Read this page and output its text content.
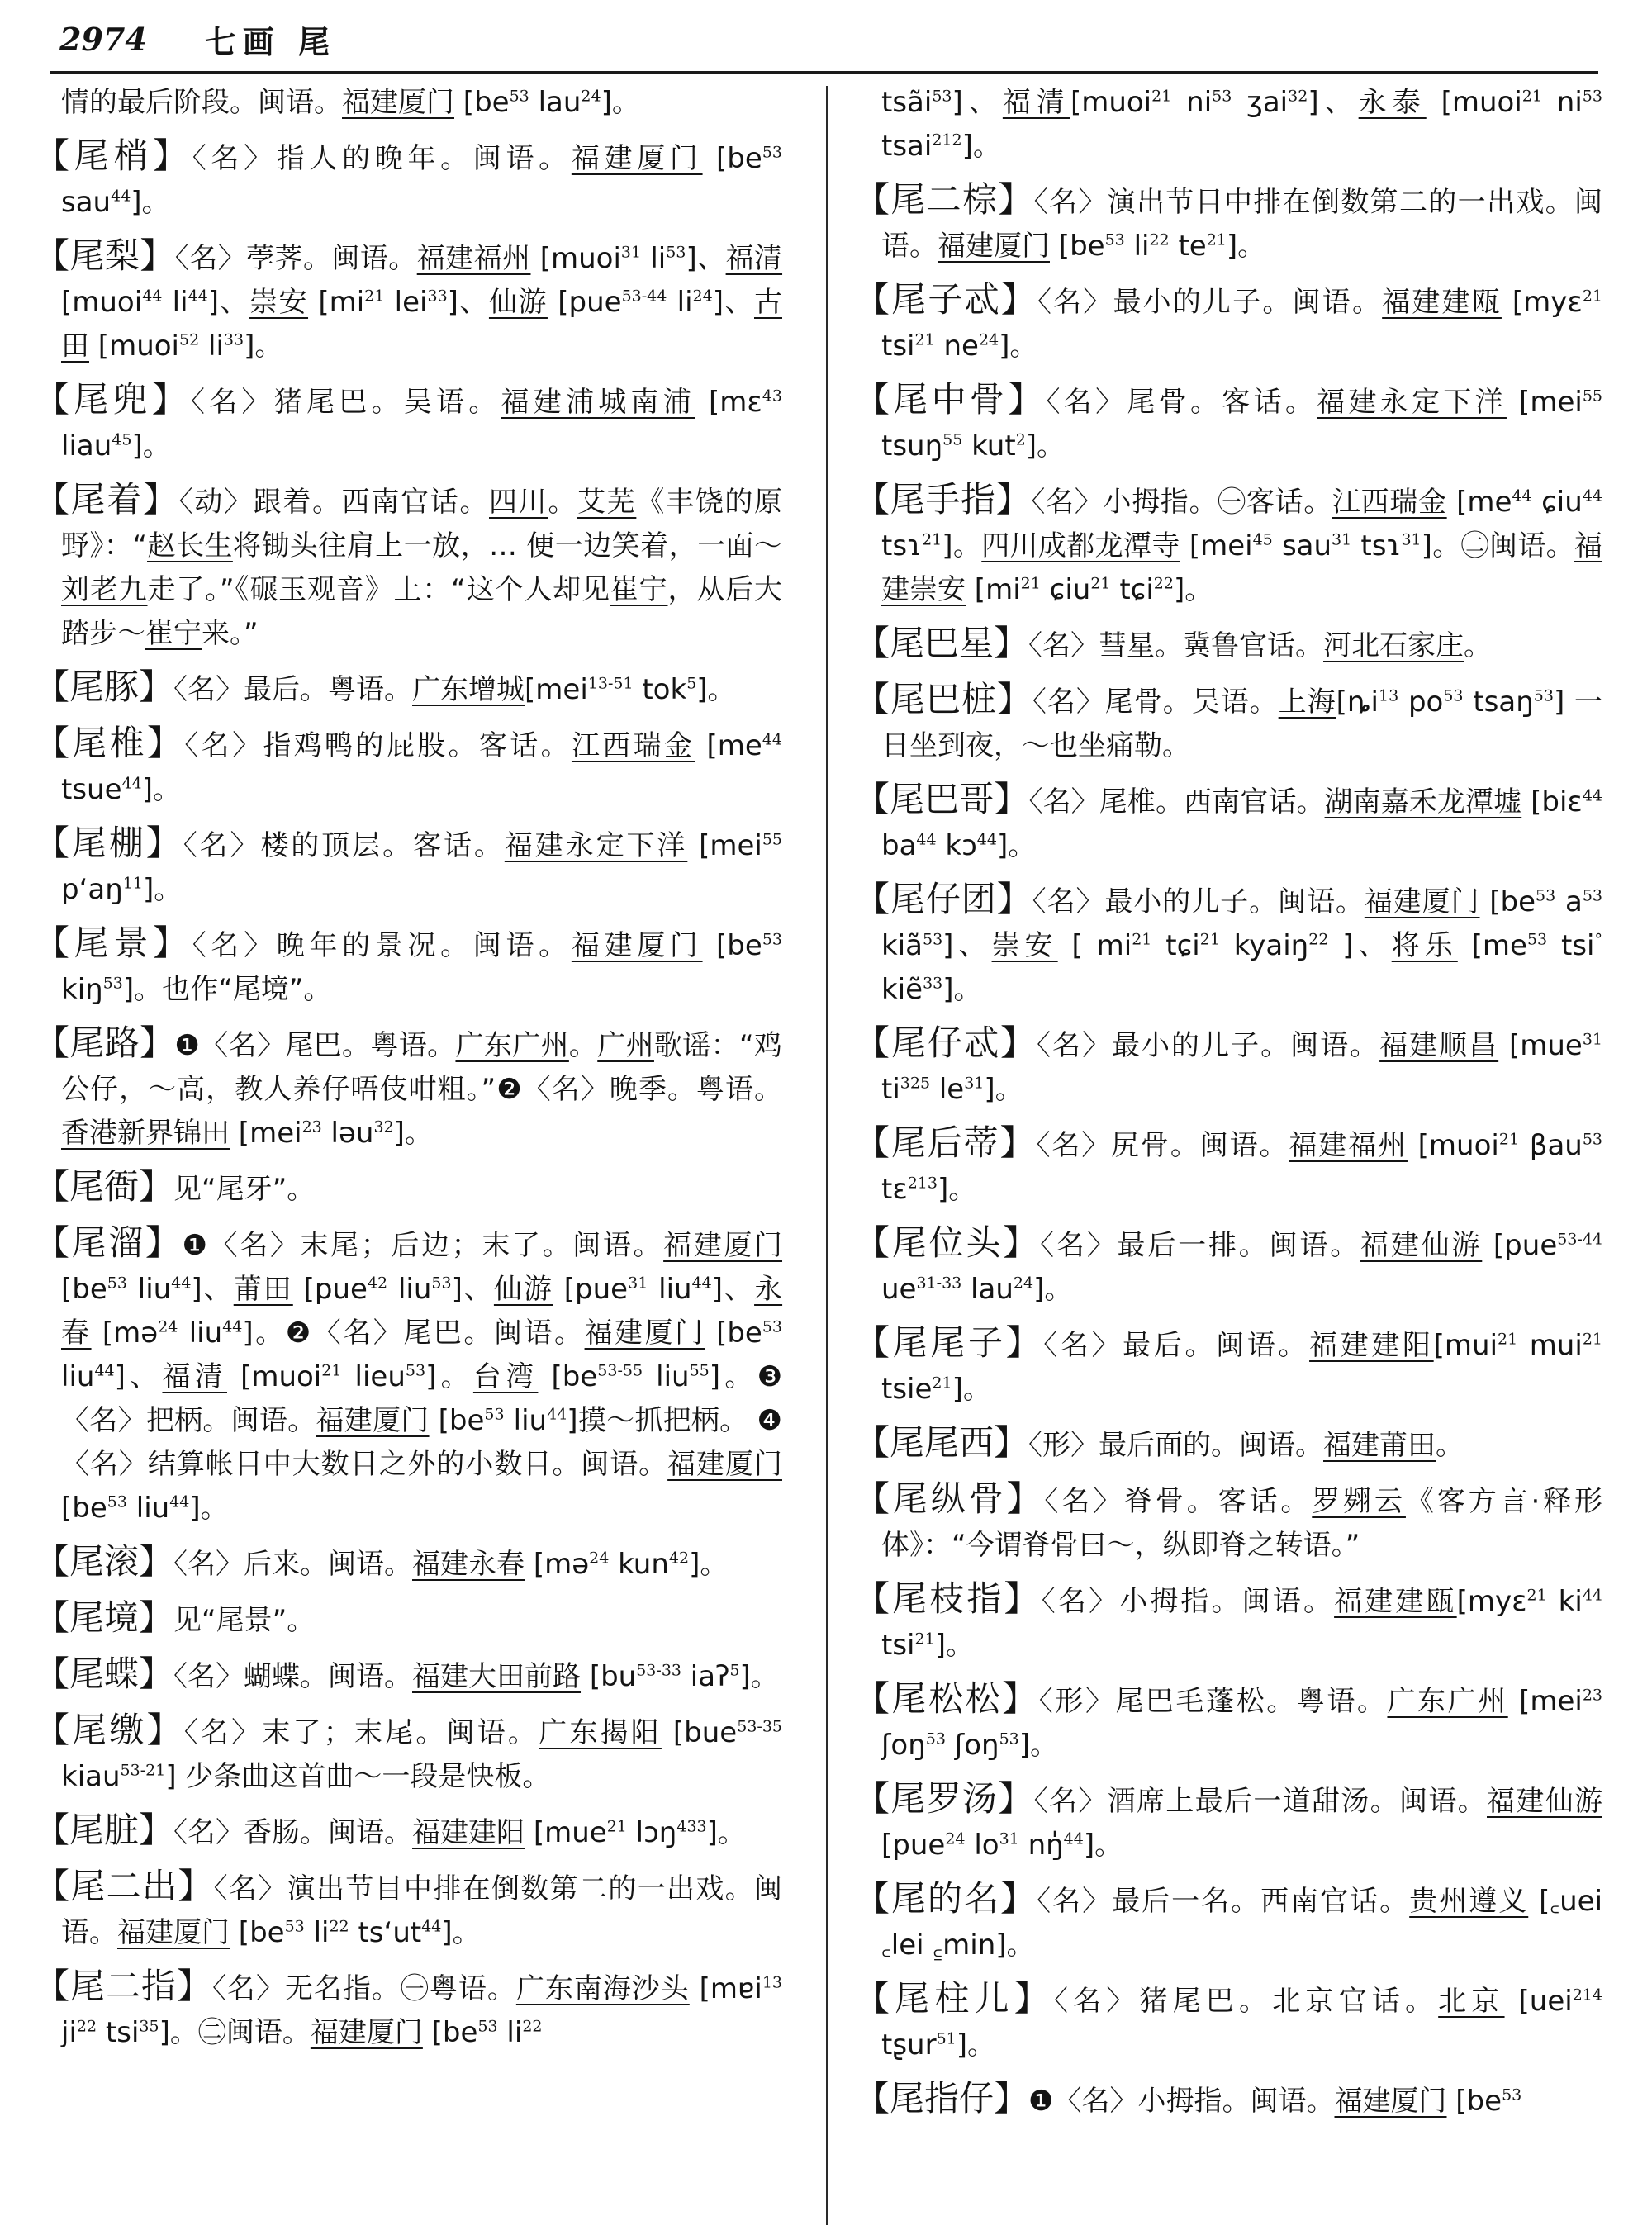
2974 七画 尾

情的最后阶段。闽语。福建厦门 [$be^{53}$ lau$^{24}$]。

【尾梢】〈名〉指人的晚年。闽语。福建厦门 [$be^{53}$ sau$^{44}$]。

【尾梨】〈名〉荸荠。闽语。福建福州 [muoi$^{31}$ $li^{53}$]、福清 [muoi$^{44}$ $li^{44}$]、崇安 [$mi^{21}$ lei$^{33}$]、仙游 [pue$^{53-44}$ $li^{24}$]、古田 [muoi$^{52}$ $li^{33}$]。

【尾兜】〈名〉猪尾巴。吴语。福建浦城南浦 [mɛ$^{43}$ liau$^{45}$]。

【尾着】〈动〉跟着。西南官话。四川。艾芜《丰饶的原野》：“赵长生将锄头往肩上一放，… 便一边笑着，一面～刘老九走了。”《碾玉观音》上：“这个人却见崔宁，从后大踏步～崔宁来。”

【尾豚】〈名〉最后。粤语。广东增城[mei$^{13-51}$ tok$^5$]。

【尾椎】〈名〉指鸡鸭的屁股。客话。江西瑞金 [$me^{44}$ tsue$^{44}$]。

【尾棚】〈名〉楼的顶层。客话。福建永定下洋 [mei$^{55}$ $p‘aŋ^{11}$]。

【尾景】〈名〉晚年的景况。闽语。福建厦门 [$be^{53}$ kiŋ$^{53}$]。也作“尾境”。

【尾路】❶〈名〉尾巴。粤语。广东广州。广州歌谣：“鸡公仔，～高，教人养仔唔伎咁粗。”❷〈名〉晚季。粤语。香港新界锦田 [mei$^{23}$ ləu$^{32}$]。

【尾衙】见“尾牙”。

【尾溜】❶〈名〉末尾；后边；末了。闽语。福建厦门 [$be^{53}$ liu$^{44}$]、莆田 [pue$^{42}$ liu$^{53}$]、仙游 [pue$^{31}$ liu$^{44}$]、永春 [mə$^{24}$ liu$^{44}$]。❷〈名〉尾巴。闽语。福建厦门 [$be^{53}$ liu$^{44}$]、福清 [muoi$^{21}$ lieu$^{53}$]。台湾 [$be^{53-55}$ liu$^{55}$]。❸〈名〉把柄。闽语。福建厦门 [$be^{53}$ liu$^{44}$]摸～抓把柄。 ❹〈名〉结算帐目中大数目之外的小数目。闽语。福建厦门 [$be^{53}$ liu$^{44}$]。

【尾滚】〈名〉后来。闽语。福建永春 [mə$^{24}$ kun$^{42}$]。

【尾境】见“尾景”。

【尾蝶】〈名〉蝴蝶。闽语。福建大田前路 [$bu^{53-33}$ iaʔ$^5$]。

【尾缴】〈名〉末了；末尾。闽语。广东揭阳 [bue$^{53-35}$ kiau$^{53-21}$] 少条曲这首曲～一段是快板。

【尾脏】〈名〉香肠。闽语。福建建阳 [mue$^{21}$ lɔŋ$^{433}$]。

【尾二出】〈名〉演出节目中排在倒数第二的一出戏。闽语。福建厦门 [$be^{53}$ $li^{22}$ $ts‘ut^{44}$]。

【尾二指】〈名〉无名指。㊀粤语。广东南海沙头 [mɐi$^{13}$ $ji^{22}$ tsi$^{35}$]。㊁闽语。福建厦门 [$be^{53}$ $li^{22}$

tsãi$^{53}$]、福清[muoi$^{21}$ $ni^{53}$ ʒai$^{32}$]、永泰 [muoi$^{21}$ $ni^{53}$ tsai$^{212}$]。

【尾二棕】〈名〉演出节目中排在倒数第二的一出戏。闽语。福建厦门 [$be^{53}$ $li^{22}$ $te^{21}$]。

【尾子忒】〈名〉最小的儿子。闽语。福建建瓯 [myɛ$^{21}$ tsi$^{21}$ $ne^{24}$]。

【尾中骨】〈名〉尾骨。客话。福建永定下洋 [mei$^{55}$ tsuŋ$^{55}$ kut$^2$]。

【尾手指】〈名〉小拇指。㊀客话。江西瑞金 [$me^{44}$ ɕiu$^{44}$ tsɿ$^{21}$]。四川成都龙潭寺 [mei$^{45}$ sau$^{31}$ tsɿ$^{31}$]。㊁闽语。福建崇安 [$mi^{21}$ ɕiu$^{21}$ tɕi$^{22}$]。

【尾巴星】〈名〉彗星。冀鲁官话。河北石家庄。

【尾巴桩】〈名〉尾骨。吴语。上海[$ȵi^{13}$ $po^{53}$ tsaŋ$^{53}$] 一日坐到夜，～也坐痛勒。

【尾巴哥】〈名〉尾椎。西南官话。湖南嘉禾龙潭墟 [biɛ$^{44}$ $ba^{44}$ kɔ$^{44}$]。

【尾仔团】〈名〉最小的儿子。闽语。福建厦门 [$be^{53}$ $a^{53}$ kiã$^{53}$]、崇安 [ $mi^{21}$ tɕi$^{21}$ kyaiŋ$^{22}$ ]、将乐 [$me^{53}$ tsi° kiẽ$^{33}$]。

【尾仔忒】〈名〉最小的儿子。闽语。福建顺昌 [mue$^{31}$ $ti^{325}$ $le^{31}$]。

【尾后蒂】〈名〉尻骨。闽语。福建福州 [muoi$^{21}$ βau$^{53}$ tɛ$^{213}$]。

【尾位头】〈名〉最后一排。闽语。福建仙游 [pue$^{53-44}$ $ue^{31-33}$ lau$^{24}$]。

【尾尾子】〈名〉最后。闽语。福建建阳[mui$^{21}$ mui$^{21}$ tsie$^{21}$]。

【尾尾西】〈形〉最后面的。闽语。福建莆田。

【尾纵骨】〈名〉脊骨。客话。罗翙云《客方言·释形体》：“今谓脊骨曰～，纵即脊之转语。”

【尾枝指】〈名〉小拇指。闽语。福建建瓯[myɛ$^{21}$ $ki^{44}$ tsi$^{21}$]。

【尾松松】〈形〉尾巴毛蓬松。粤语。广东广州 [mei$^{23}$ ʃoŋ$^{53}$ ʃoŋ$^{53}$]。

【尾罗汤】〈名〉酒席上最后一道甜汤。闽语。福建仙游 [pue$^{24}$ $lo^{31}$ nŋ̍$^{44}$]。

【尾的名】〈名〉最后一名。西南官话。贵州遵义 [꜀uei ꜀lei ꜁min]。

【尾柱儿】〈名〉猪尾巴。北京官话。北京 [uei$^{214}$ tʂur$^{51}$]。

【尾指仔】❶〈名〉小拇指。闽语。福建厦门 [$be^{53}$
